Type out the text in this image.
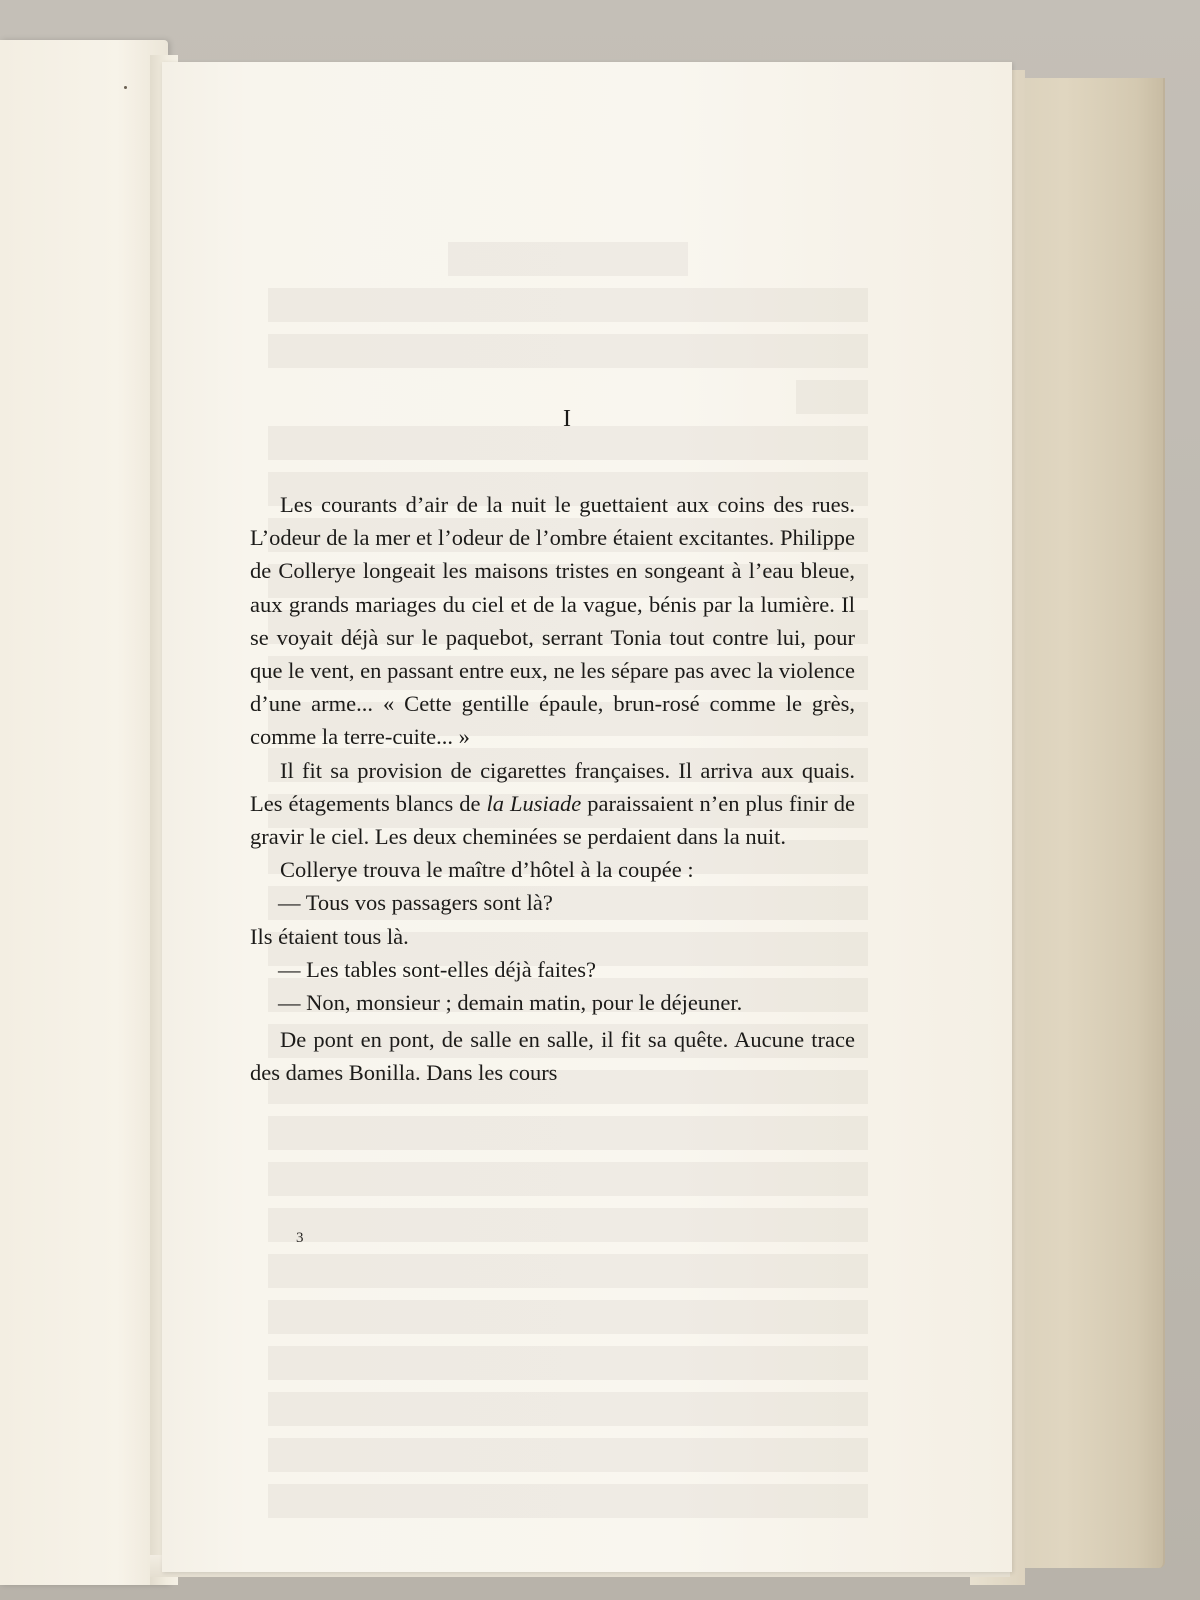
I

Les courants d’air de la nuit le guettaient aux coins des rues. L’odeur de la mer et l’odeur de l’ombre étaient excitantes. Philippe de Collerye longeait les maisons tristes en songeant à l’eau bleue, aux grands mariages du ciel et de la vague, bénis par la lumière. Il se voyait déjà sur le paquebot, serrant Tonia tout contre lui, pour que le vent, en passant entre eux, ne les sépare pas avec la violence d’une arme... « Cette gentille épaule, brun-rosé comme le grès, comme la terre-cuite... »

Il fit sa provision de cigarettes françaises. Il arriva aux quais. Les étagements blancs de la Lusiade paraissaient n’en plus finir de gravir le ciel. Les deux cheminées se perdaient dans la nuit.

Collerye trouva le maître d’hôtel à la coupée :

— Tous vos passagers sont là?

Ils étaient tous là.

— Les tables sont-elles déjà faites?

— Non, monsieur ; demain matin, pour le déjeuner.

De pont en pont, de salle en salle, il fit sa quête. Aucune trace des dames Bonilla. Dans les cours

3
